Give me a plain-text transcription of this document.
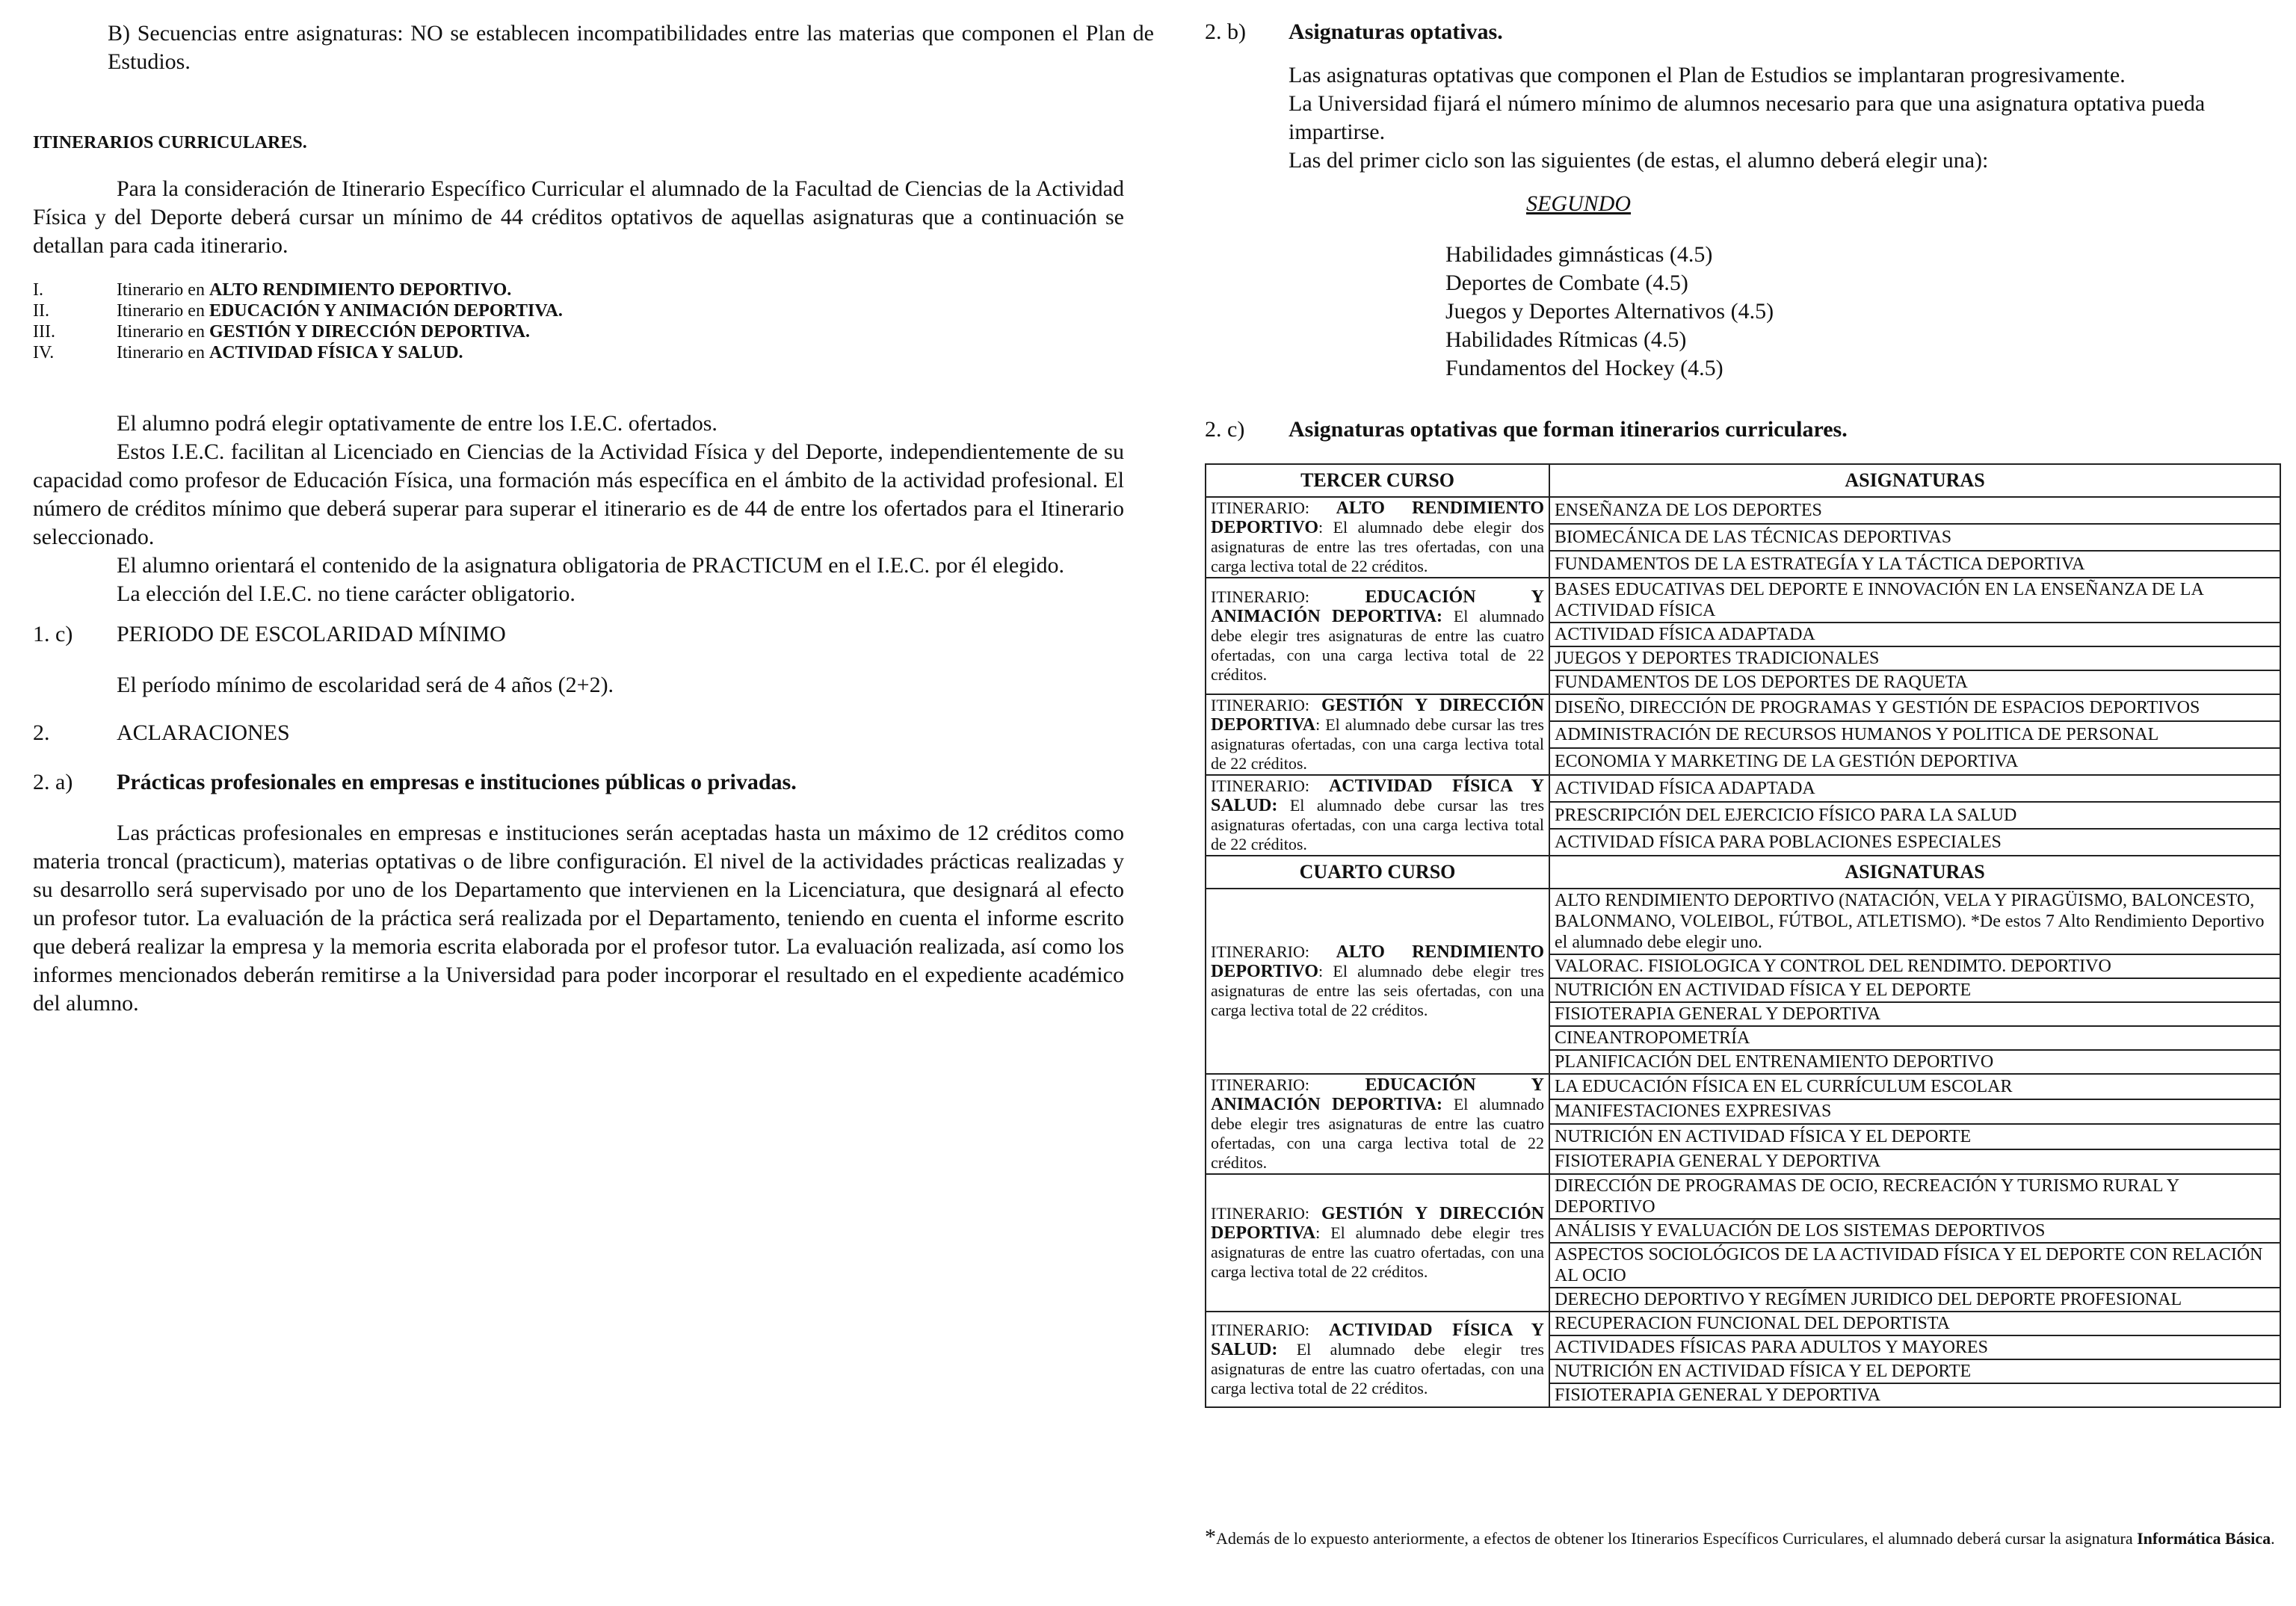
B) Secuencias entre asignaturas: NO se establecen incompatibilidades entre las materias que componen el Plan de Estudios.

ITINERARIOS CURRICULARES.

Para la consideración de Itinerario Específico Curricular el alumnado de la Facultad de Ciencias de la Actividad Física y del Deporte deberá cursar un mínimo de 44 créditos optativos de aquellas asignaturas que a continuación se detallan para cada itinerario.

I.	Itinerario en ALTO RENDIMIENTO DEPORTIVO.
II.	Itinerario en EDUCACIÓN Y ANIMACIÓN DEPORTIVA.
III.	Itinerario en GESTIÓN Y DIRECCIÓN DEPORTIVA.
IV.	Itinerario en ACTIVIDAD FÍSICA Y SALUD.

El alumno podrá elegir optativamente de entre los I.E.C. ofertados.

Estos I.E.C. facilitan al Licenciado en Ciencias de la Actividad Física y del Deporte, independientemente de su capacidad como profesor de Educación Física, una formación más específica en el ámbito de la actividad profesional. El número de créditos mínimo que deberá superar para superar el itinerario es de 44 de entre los ofertados para el Itinerario seleccionado.

El alumno orientará el contenido de la asignatura obligatoria de PRACTICUM en el I.E.C. por él elegido.

La elección del I.E.C. no tiene carácter obligatorio.

1. c)	PERIODO DE ESCOLARIDAD MÍNIMO

El período mínimo de escolaridad será de 4 años (2+2).

2.	ACLARACIONES
2. a)	Prácticas profesionales en empresas e instituciones públicas o privadas.

Las prácticas profesionales en empresas e instituciones serán aceptadas hasta un máximo de 12 créditos como materia troncal (practicum), materias optativas o de libre configuración. El nivel de la actividades prácticas realizadas y su desarrollo será supervisado por uno de los Departamento que intervienen en la Licenciatura, que designará al efecto un profesor tutor. La evaluación de la práctica será realizada por el Departamento, teniendo en cuenta el informe escrito que deberá realizar la empresa y la memoria escrita elaborada por el profesor tutor. La evaluación realizada, así como los informes mencionados deberán remitirse a la Universidad para poder incorporar el resultado en el expediente académico del alumno.

2. b)	Asignaturas optativas.

Las asignaturas optativas que componen el Plan de Estudios se implantaran progresivamente.

La Universidad fijará el número mínimo de alumnos necesario para que una asignatura optativa pueda impartirse.

Las del primer ciclo son las siguientes (de estas, el alumno deberá elegir una):

SEGUNDO

Habilidades gimnásticas (4.5)

Deportes de Combate (4.5)

Juegos y Deportes Alternativos (4.5)

Habilidades Rítmicas (4.5)

Fundamentos del Hockey (4.5)

2. c)	Asignaturas optativas que forman itinerarios curriculares.
TERCER CURSO	ASIGNATURAS
ITINERARIO: ALTO RENDIMIENTO DEPORTIVO: El alumnado debe elegir dos asignaturas de entre las tres ofertadas, con una carga lectiva total de 22 créditos.	ENSEÑANZA DE LOS DEPORTES
	BIOMECÁNICA DE LAS TÉCNICAS DEPORTIVAS
	FUNDAMENTOS DE LA ESTRATEGÍA Y LA TÁCTICA DEPORTIVA
ITINERARIO: EDUCACIÓN Y ANIMACIÓN DEPORTIVA: El alumnado debe elegir tres asignaturas de entre las cuatro ofertadas, con una carga lectiva total de 22 créditos.	BASES EDUCATIVAS DEL DEPORTE E INNOVACIÓN EN LA ENSEÑANZA DE LA ACTIVIDAD FÍSICA
	ACTIVIDAD FÍSICA ADAPTADA
	JUEGOS Y DEPORTES TRADICIONALES
	FUNDAMENTOS DE LOS DEPORTES DE RAQUETA
ITINERARIO: GESTIÓN Y DIRECCIÓN DEPORTIVA: El alumnado debe cursar las tres asignaturas ofertadas, con una carga lectiva total de 22 créditos.	DISEÑO, DIRECCIÓN DE PROGRAMAS Y GESTIÓN DE ESPACIOS DEPORTIVOS
	ADMINISTRACIÓN DE RECURSOS HUMANOS Y POLITICA DE PERSONAL
	ECONOMIA Y MARKETING DE LA GESTIÓN DEPORTIVA
ITINERARIO: ACTIVIDAD FÍSICA Y SALUD: El alumnado debe cursar las tres asignaturas ofertadas, con una carga lectiva total de 22 créditos.	ACTIVIDAD FÍSICA ADAPTADA
	PRESCRIPCIÓN DEL EJERCICIO FÍSICO PARA LA SALUD
	ACTIVIDAD FÍSICA PARA POBLACIONES ESPECIALES
CUARTO CURSO	ASIGNATURAS
ITINERARIO: ALTO RENDIMIENTO DEPORTIVO: El alumnado debe elegir tres asignaturas de entre las seis ofertadas, con una carga lectiva total de 22 créditos.	ALTO RENDIMIENTO DEPORTIVO (NATACIÓN, VELA Y PIRAGÜISMO, BALONCESTO, BALONMANO, VOLEIBOL, FÚTBOL, ATLETISMO). *De estos 7 Alto Rendimiento Deportivo el alumnado debe elegir uno.
	VALORAC. FISIOLOGICA Y CONTROL DEL RENDIMTO. DEPORTIVO
	NUTRICIÓN EN ACTIVIDAD FÍSICA Y EL DEPORTE
	FISIOTERAPIA GENERAL Y DEPORTIVA
	CINEANTROPOMETRÍA
	PLANIFICACIÓN DEL ENTRENAMIENTO DEPORTIVO
ITINERARIO: EDUCACIÓN Y ANIMACIÓN DEPORTIVA: El alumnado debe elegir tres asignaturas de entre las cuatro ofertadas, con una carga lectiva total de 22 créditos.	LA EDUCACIÓN FÍSICA EN EL CURRÍCULUM ESCOLAR
	MANIFESTACIONES EXPRESIVAS
	NUTRICIÓN EN ACTIVIDAD FÍSICA Y EL DEPORTE
	FISIOTERAPIA GENERAL Y DEPORTIVA
ITINERARIO: GESTIÓN Y DIRECCIÓN DEPORTIVA: El alumnado debe elegir tres asignaturas de entre las cuatro ofertadas, con una carga lectiva total de 22 créditos.	DIRECCIÓN DE PROGRAMAS DE OCIO, RECREACIÓN Y TURISMO RURAL Y DEPORTIVO
	ANÁLISIS Y EVALUACIÓN DE LOS SISTEMAS DEPORTIVOS
	ASPECTOS SOCIOLÓGICOS DE LA ACTIVIDAD FÍSICA Y EL DEPORTE CON RELACIÓN AL OCIO
	DERECHO DEPORTIVO Y REGÍMEN JURIDICO DEL DEPORTE PROFESIONAL
ITINERARIO: ACTIVIDAD FÍSICA Y SALUD: El alumnado debe elegir tres asignaturas de entre las cuatro ofertadas, con una carga lectiva total de 22 créditos.	RECUPERACION FUNCIONAL DEL DEPORTISTA
	ACTIVIDADES FÍSICAS PARA ADULTOS Y MAYORES
	NUTRICIÓN EN ACTIVIDAD FÍSICA Y EL DEPORTE
	FISIOTERAPIA GENERAL Y DEPORTIVA
*Además de lo expuesto anteriormente, a efectos de obtener los Itinerarios Específicos Curriculares, el alumnado deberá cursar la asignatura Informática Básica.
